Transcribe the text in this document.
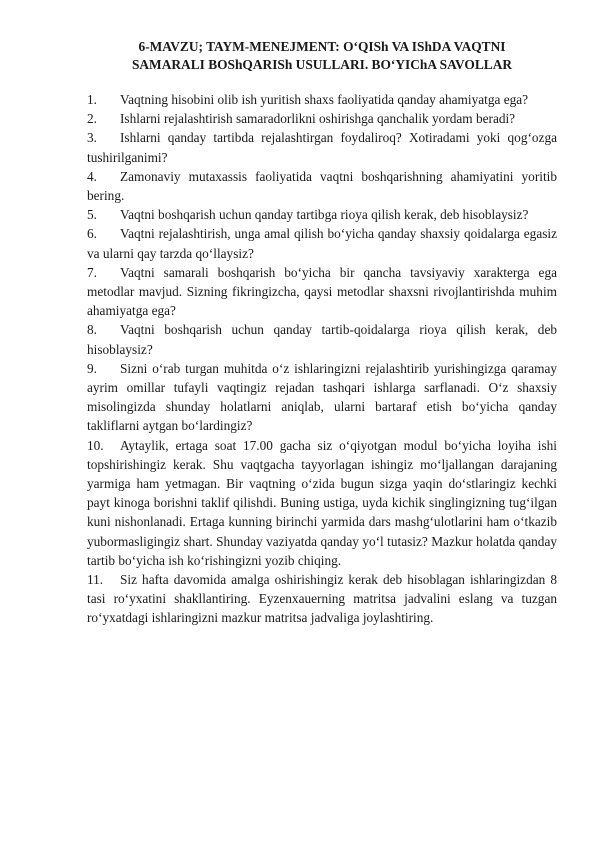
6-MAVZU; TAYM-MENEJMENT: O‘QISh VA IShDA VAQTNI
SAMARALI BOShQARISh USULLARI. BO‘YIChA SAVOLLAR

1. Vaqtning hisobini olib ish yuritish shaxs faoliyatida qanday ahamiyatga ega?

2. Ishlarni rejalashtirish samaradorlikni oshirishga qanchalik yordam beradi?

3. Ishlarni qanday tartibda rejalashtirgan foydaliroq? Xotiradami yoki qog‘ozga tushirilganimi?

4. Zamonaviy mutaxassis faoliyatida vaqtni boshqarishning ahamiyatini yoritib bering.

5. Vaqtni boshqarish uchun qanday tartibga rioya qilish kerak, deb hisoblaysiz?

6. Vaqtni rejalashtirish, unga amal qilish bo‘yicha qanday shaxsiy qoidalarga egasiz va ularni qay tarzda qo‘llaysiz?

7. Vaqtni samarali boshqarish bo‘yicha bir qancha tavsiyaviy xarakterga ega metodlar mavjud. Sizning fikringizcha, qaysi metodlar shaxsni rivojlantirishda muhim ahamiyatga ega?

8. Vaqtni boshqarish uchun qanday tartib-qoidalarga rioya qilish kerak, deb hisoblaysiz?

9. Sizni o‘rab turgan muhitda o‘z ishlaringizni rejalashtirib yurishingizga qaramay ayrim omillar tufayli vaqtingiz rejadan tashqari ishlarga sarflanadi. O‘z shaxsiy misolingizda shunday holatlarni aniqlab, ularni bartaraf etish bo‘yicha qanday takliflarni aytgan bo‘lardingiz?

10. Aytaylik, ertaga soat 17.00 gacha siz o‘qiyotgan modul bo‘yicha loyiha ishi topshirishingiz kerak. Shu vaqtgacha tayyorlagan ishingiz mo‘ljallangan darajaning yarmiga ham yetmagan. Bir vaqtning o‘zida bugun sizga yaqin do‘stlaringiz kechki payt kinoga borishni taklif qilishdi. Buning ustiga, uyda kichik singlingizning tug‘ilgan kuni nishonlanadi. Ertaga kunning birinchi yarmida dars mashg‘ulotlarini ham o‘tkazib yubormasligingiz shart. Shunday vaziyatda qanday yo‘l tutasiz? Mazkur holatda qanday tartib bo‘yicha ish ko‘rishingizni yozib chiqing.

11. Siz hafta davomida amalga oshirishingiz kerak deb hisoblagan ishlaringizdan 8 tasi ro‘yxatini shakllantiring. Eyzenxauerning matritsa jadvalini eslang va tuzgan ro‘yxatdagi ishlaringizni mazkur matritsa jadvaliga joylashtiring.
